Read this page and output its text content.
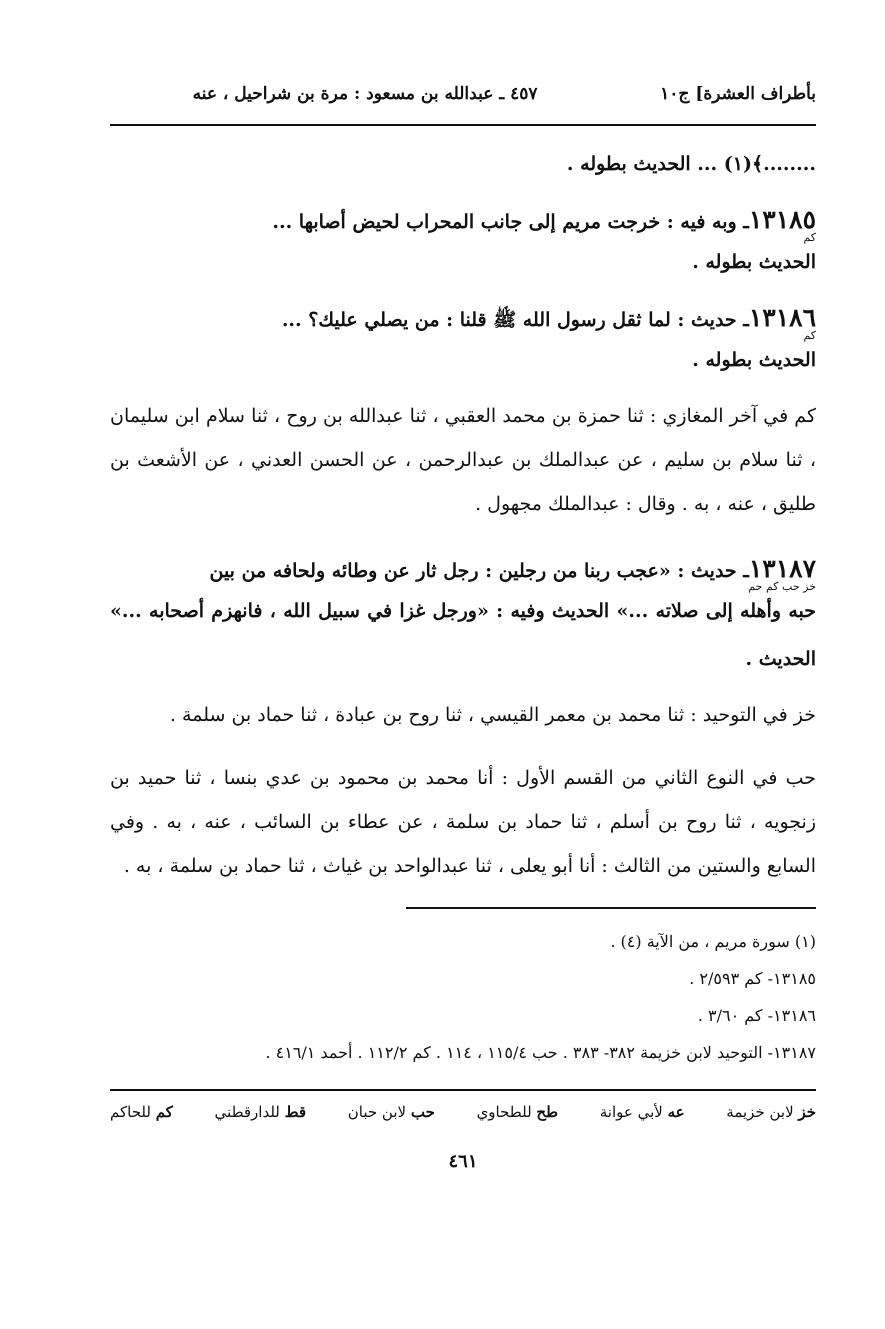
بأطراف العشرة] ج١٠
٤٥٧ ـ عبدالله بن مسعود : مرة بن شراحيل ، عنه

........﴾(١) ... الحديث بطوله .

١٣١٨٥ـ وبه فيه : خرجت مريم إلى جانب المحراب لحيض أصابها ...

كم

الحديث بطوله .

١٣١٨٦ـ حديث : لما ثقل رسول الله ﷺ قلنا : من يصلي عليك؟ ...

كم

الحديث بطوله .

كم في آخر المغازي : ثنا حمزة بن محمد العقبي ، ثنا عبدالله بن روح ، ثنا سلام ابن سليمان ، ثنا سلام بن سليم ، عن عبدالملك بن عبدالرحمن ، عن الحسن العدني ، عن الأشعث بن طليق ، عنه ، به . وقال : عبدالملك مجهول .

١٣١٨٧ـ حديث : «عجب ربنا من رجلين : رجل ثار عن وطائه ولحافه من بين

خز حب كم حم

حبه وأهله إلى صلاته ...» الحديث وفيه : «ورجل غزا في سبيل الله ، فانهزم أصحابه ...» الحديث .

خز في التوحيد : ثنا محمد بن معمر القيسي ، ثنا روح بن عبادة ، ثنا حماد بن سلمة .

حب في النوع الثاني من القسم الأول : أنا محمد بن محمود بن عدي بنسا ، ثنا حميد بن زنجويه ، ثنا روح بن أسلم ، ثنا حماد بن سلمة ، عن عطاء بن السائب ، عنه ، به . وفي السابع والستين من الثالث : أنا أبو يعلى ، ثنا عبدالواحد بن غياث ، ثنا حماد بن سلمة ، به .

(١) سورة مريم ، من الآية (٤) .

١٣١٨٥- كم ٢/٥٩٣ .

١٣١٨٦- كم ٣/٦٠ .

١٣١٨٧- التوحيد لابن خزيمة ٣٨٢- ٣٨٣ . حب ١١٥/٤ ، ١١٤ . كم ١١٢/٢ . أحمد ٤١٦/١ .

خز لابن خزيمة
عه لأبي عوانة
طح للطحاوي
حب لابن حبان
قط للدارقطني
كم للحاكم
٤٦١
